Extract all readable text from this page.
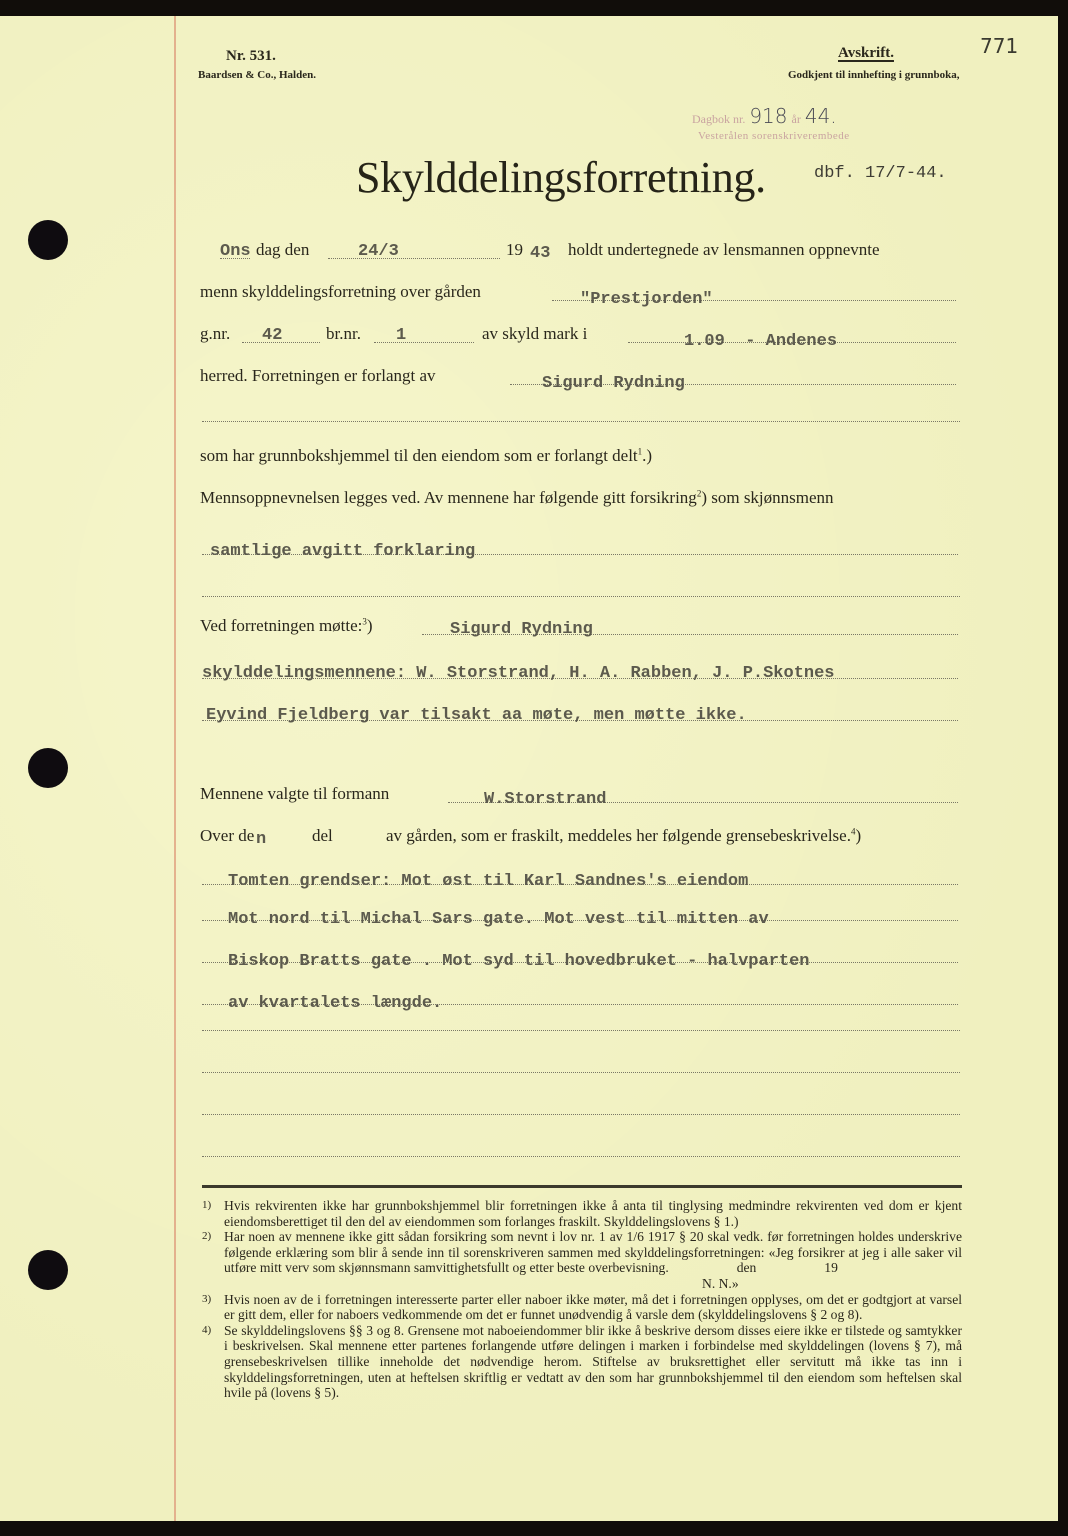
Nr. 531.
Baardsen & Co., Halden.
Avskrift.
Godkjent til innhefting i grunnboka,
771
Dagbok nr. 918 år 44.
Vesterålen sorenskriverembede
Skylddelingsforretning.	dbf. 17/7-44.
Ons dag den	24/3	19 43 holdt undertegnede av lensmannen oppnevnte
menn skylddelingsforretning over gården	"Prestjorden"
g.nr. 42	br.nr. 1	av skyld mark i	1.09  - Andenes
herred. Forretningen er forlangt av	Sigurd Rydning
som har grunnbokshjemmel til den eiendom som er forlangt delt$^1$.)
Mennsoppnevnelsen legges ved. Av mennene har følgende gitt forsikring$^2$) som skjønnsmenn
samtlige avgitt forklaring
Ved forretningen møtte:$^3$)	Sigurd Rydning
skylddelingsmennene: W. Storstrand, H. A. Rabben, J. P.Skotnes
Eyvind Fjeldberg var tilsakt aa møte, men møtte ikke.
Mennene valgte til formann	W.Storstrand
Over de n	del	av gården, som er fraskilt, meddeles her følgende grensebeskrivelse.$^4$)
Tomten grendser: Mot øst til Karl Sandnes's eiendom
Mot nord til Michal Sars gate. Mot vest til mitten av
Biskop Bratts gate . Mot syd til hovedbruket - halvparten
av kvartalets længde.
1) Hvis rekvirenten ikke har grunnbokshjemmel blir forretningen ikke å anta til tinglysing medmindre rekvirenten ved dom er kjent eiendomsberettiget til den del av eiendommen som forlanges fraskilt. Skylddelingslovens § 1.)
2) Har noen av mennene ikke gitt sådan forsikring som nevnt i lov nr. 1 av 1/6 1917 § 20 skal vedk. før forretningen holdes underskrive følgende erklæring som blir å sende inn til sorenskriveren sammen med skylddelingsforretningen: «Jeg forsikrer at jeg i alle saker vil utføre mitt verv som skjønnsmann samvittighetsfullt og etter beste overbevisning.                    den                    19
N. N.»
3) Hvis noen av de i forretningen interesserte parter eller naboer ikke møter, må det i forretningen opplyses, om det er godtgjort at varsel er gitt dem, eller for naboers vedkommende om det er funnet unødvendig å varsle dem (skylddelingslovens § 2 og 8).
4) Se skylddelingslovens §§ 3 og 8. Grensene mot naboeiendommer blir ikke å beskrive dersom disses eiere ikke er tilstede og samtykker i beskrivelsen. Skal mennene etter partenes forlangende utføre delingen i marken i forbindelse med skylddelingen (lovens § 7), må grensebeskrivelsen tillike inneholde det nødvendige herom. Stiftelse av bruksrettighet eller servitutt må ikke tas inn i skylddelingsforretningen, uten at heftelsen skriftlig er vedtatt av den som har grunnbokshjemmel til den eiendom som heftelsen skal hvile på (lovens § 5).
